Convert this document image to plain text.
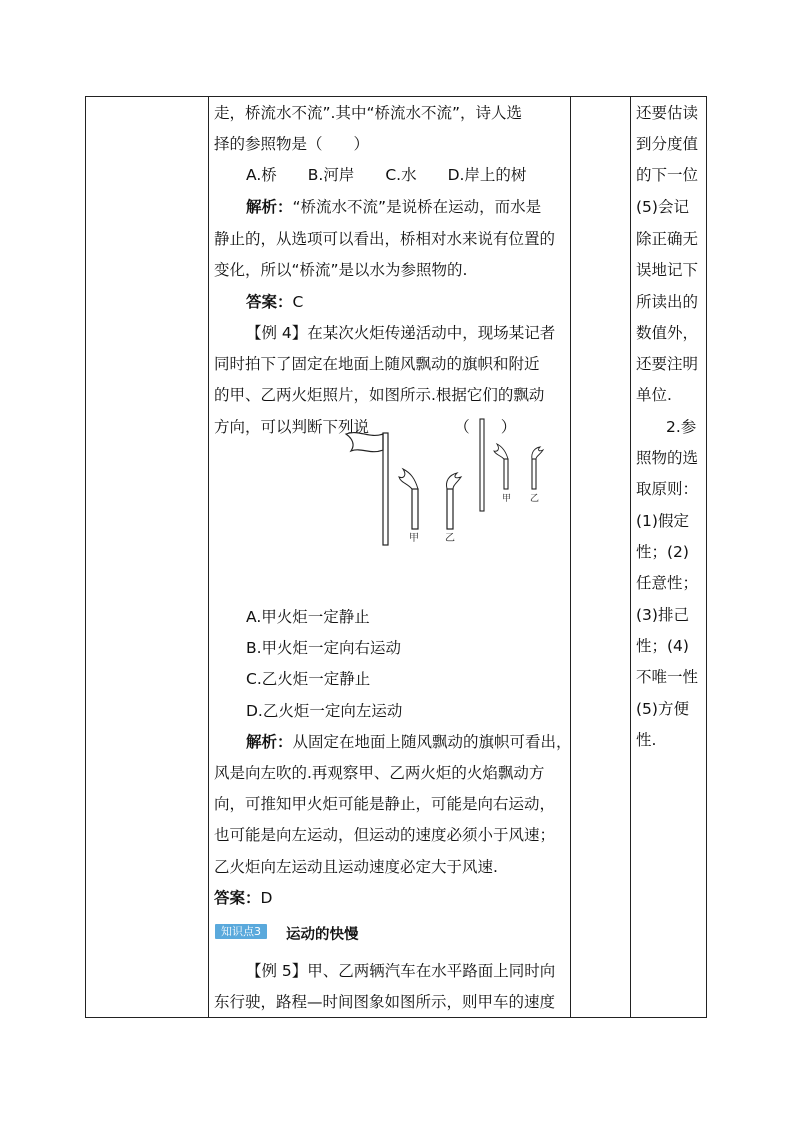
走，桥流水不流”.其中“桥流水不流”，诗人选
择的参照物是（　　）
A.桥　　B.河岸　　C.水　　D.岸上的树
解析：“桥流水不流”是说桥在运动，而水是
静止的，从选项可以看出，桥相对水来说有位置的
变化，所以“桥流”是以水为参照物的.
答案：C
【例 4】在某次火炬传递活动中，现场某记者
同时拍下了固定在地面上随风飘动的旗帜和附近
的甲、乙两火炬照片，如图所示.根据它们的飘动
方向，可以判断下列说　　　　　　（　　）
A.甲火炬一定静止
B.甲火炬一定向右运动
C.乙火炬一定静止
D.乙火炬一定向左运动
解析：从固定在地面上随风飘动的旗帜可看出，
风是向左吹的.再观察甲、乙两火炬的火焰飘动方
向，可推知甲火炬可能是静止，可能是向右运动，
也可能是向左运动，但运动的速度必须小于风速；
乙火炬向左运动且运动速度必定大于风速.
答案：D
运动的快慢
【例 5】甲、乙两辆汽车在水平路面上同时向
东行驶，路程—时间图象如图所示，则甲车的速度
还要估读
到分度值
的下一位
(5)会记
除正确无
误地记下
所读出的
数值外，
还要注明
单位.
2.参
照物的选
取原则：
(1)假定
性；(2)
任意性；
(3)排己
性；(4)
不唯一性
(5)方便
性.
知识点3
甲	乙
甲 乙
